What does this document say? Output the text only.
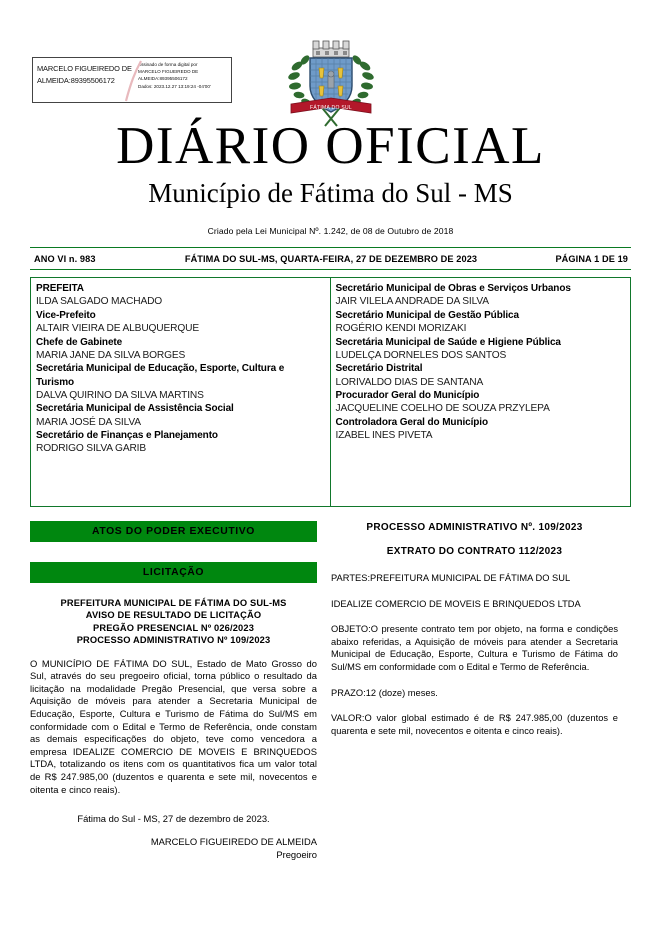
MARCELO FIGUEIREDO DE
ALMEIDA:89395506172
Assinado de forma digital por
MARCELO FIGUEIREDO DE
ALMEIDA:89395506172
Dados: 2023.12.27 13:19:24 -04'00'
FÁTIMA DO SUL
DIÁRIO OFICIAL
Município de Fátima do Sul - MS
Criado pela Lei Municipal Nº. 1.242, de 08 de Outubro de 2018
ANO VI n. 983	FÁTIMA DO SUL-MS, QUARTA-FEIRA, 27 DE DEZEMBRO DE 2023	PÁGINA 1 DE 19
PREFEITA
ILDA SALGADO MACHADO
Vice-Prefeito
ALTAIR VIEIRA DE ALBUQUERQUE
Chefe de Gabinete
MARIA JANE DA SILVA BORGES
Secretária Municipal de Educação, Esporte, Cultura e Turismo
DALVA QUIRINO DA SILVA MARTINS
Secretária Municipal de Assistência Social
MARIA JOSÉ DA SILVA
Secretário de Finanças e Planejamento
RODRIGO SILVA GARIB
Secretário Municipal de Obras e Serviços Urbanos
JAIR VILELA ANDRADE DA SILVA
Secretário Municipal de Gestão Pública
ROGÉRIO KENDI MORIZAKI
Secretária Municipal de Saúde e Higiene Pública
LUDELÇA DORNELES DOS SANTOS
Secretário Distrital
LORIVALDO DIAS DE SANTANA
Procurador Geral do Município
JACQUELINE COELHO DE SOUZA PRZYLEPA
Controladora Geral do Município
IZABEL INES PIVETA
ATOS DO PODER EXECUTIVO
LICITAÇÃO
PREFEITURA MUNICIPAL DE FÁTIMA DO SUL-MS
AVISO DE RESULTADO DE LICITAÇÃO
PREGÃO PRESENCIAL Nº 026/2023
PROCESSO ADMINISTRATIVO Nº 109/2023
O MUNICÍPIO DE FÁTIMA DO SUL, Estado de Mato Grosso do Sul, através do seu pregoeiro oficial, torna público o resultado da licitação na modalidade Pregão Presencial, que versa sobre a Aquisição de móveis para atender a Secretaria Municipal de Educação, Esporte, Cultura e Turismo de Fátima do Sul/MS em conformidade com o Edital e Termo de Referência, onde constam as demais especificações do objeto, teve como vencedora a empresa IDEALIZE COMERCIO DE MOVEIS E BRINQUEDOS LTDA, totalizando os itens com os quantitativos fica um valor total de R$ 247.985,00 (duzentos e quarenta e sete mil, novecentos e oitenta e cinco reais).
Fátima do Sul - MS, 27 de dezembro de 2023.
MARCELO FIGUEIREDO DE ALMEIDA
Pregoeiro
PROCESSO ADMINISTRATIVO Nº. 109/2023
EXTRATO DO CONTRATO 112/2023
PARTES:PREFEITURA MUNICIPAL DE FÁTIMA DO SUL
IDEALIZE COMERCIO DE MOVEIS E BRINQUEDOS LTDA
OBJETO:O presente contrato tem por objeto, na forma e condições abaixo referidas, a Aquisição de móveis para atender a Secretaria Municipal de Educação, Esporte, Cultura e Turismo de Fátima do Sul/MS em conformidade com o Edital e Termo de Referência.
PRAZO:12 (doze) meses.
VALOR:O valor global estimado é de R$ 247.985,00 (duzentos e quarenta e sete mil, novecentos e oitenta e cinco reais).
